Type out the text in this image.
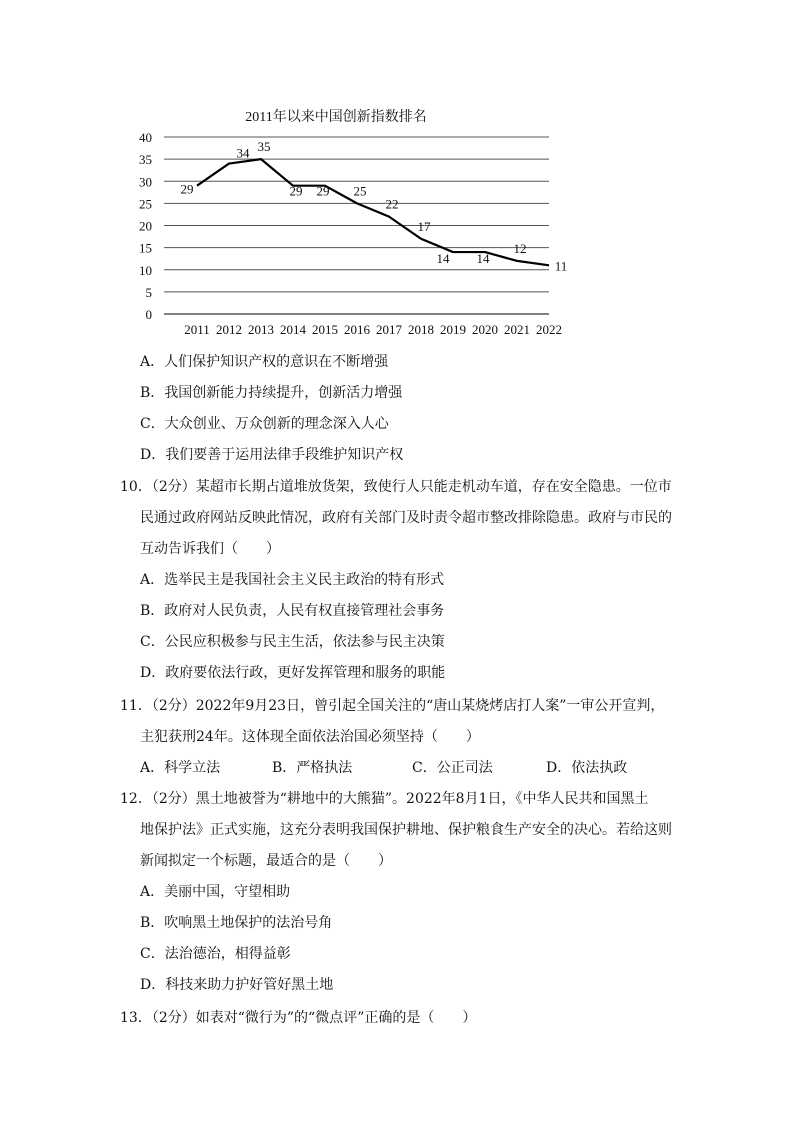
2011年以来中国创新指数排名
0
5
10
15
20
25
30
35
40
2011 2012 2013 2014 2015 2016 2017 2018 2019 2020 2021 2022
29
34 35
29 29 25
22
17
14 14
12
11
A．人们保护知识产权的意识在不断增强
B．我国创新能力持续提升，创新活力增强
C．大众创业、万众创新的理念深入人心
D．我们要善于运用法律手段维护知识产权
10．（2分）某超市长期占道堆放货架，致使行人只能走机动车道，存在安全隐患。一位市
民通过政府网站反映此情况，政府有关部门及时责令超市整改排除隐患。政府与市民的
互动告诉我们（　　）
A．选举民主是我国社会主义民主政治的特有形式
B．政府对人民负责，人民有权直接管理社会事务
C．公民应积极参与民主生活，依法参与民主决策
D．政府要依法行政，更好发挥管理和服务的职能
11．（2分）2022年9月23日，曾引起全国关注的“唐山某烧烤店打人案”一审公开宣判，
主犯获刑24年。这体现全面依法治国必须坚持（　　）
A．科学立法	B．严格执法	C．公正司法	D．依法执政
12．（2分）黑土地被誉为“耕地中的大熊猫”。2022年8月1日，《中华人民共和国黑土
地保护法》正式实施，这充分表明我国保护耕地、保护粮食生产安全的决心。若给这则
新闻拟定一个标题，最适合的是（　　）
A．美丽中国，守望相助
B．吹响黑土地保护的法治号角
C．法治德治，相得益彰
D．科技来助力护好管好黑土地
13．（2分）如表对“微行为”的“微点评”正确的是（　　）
